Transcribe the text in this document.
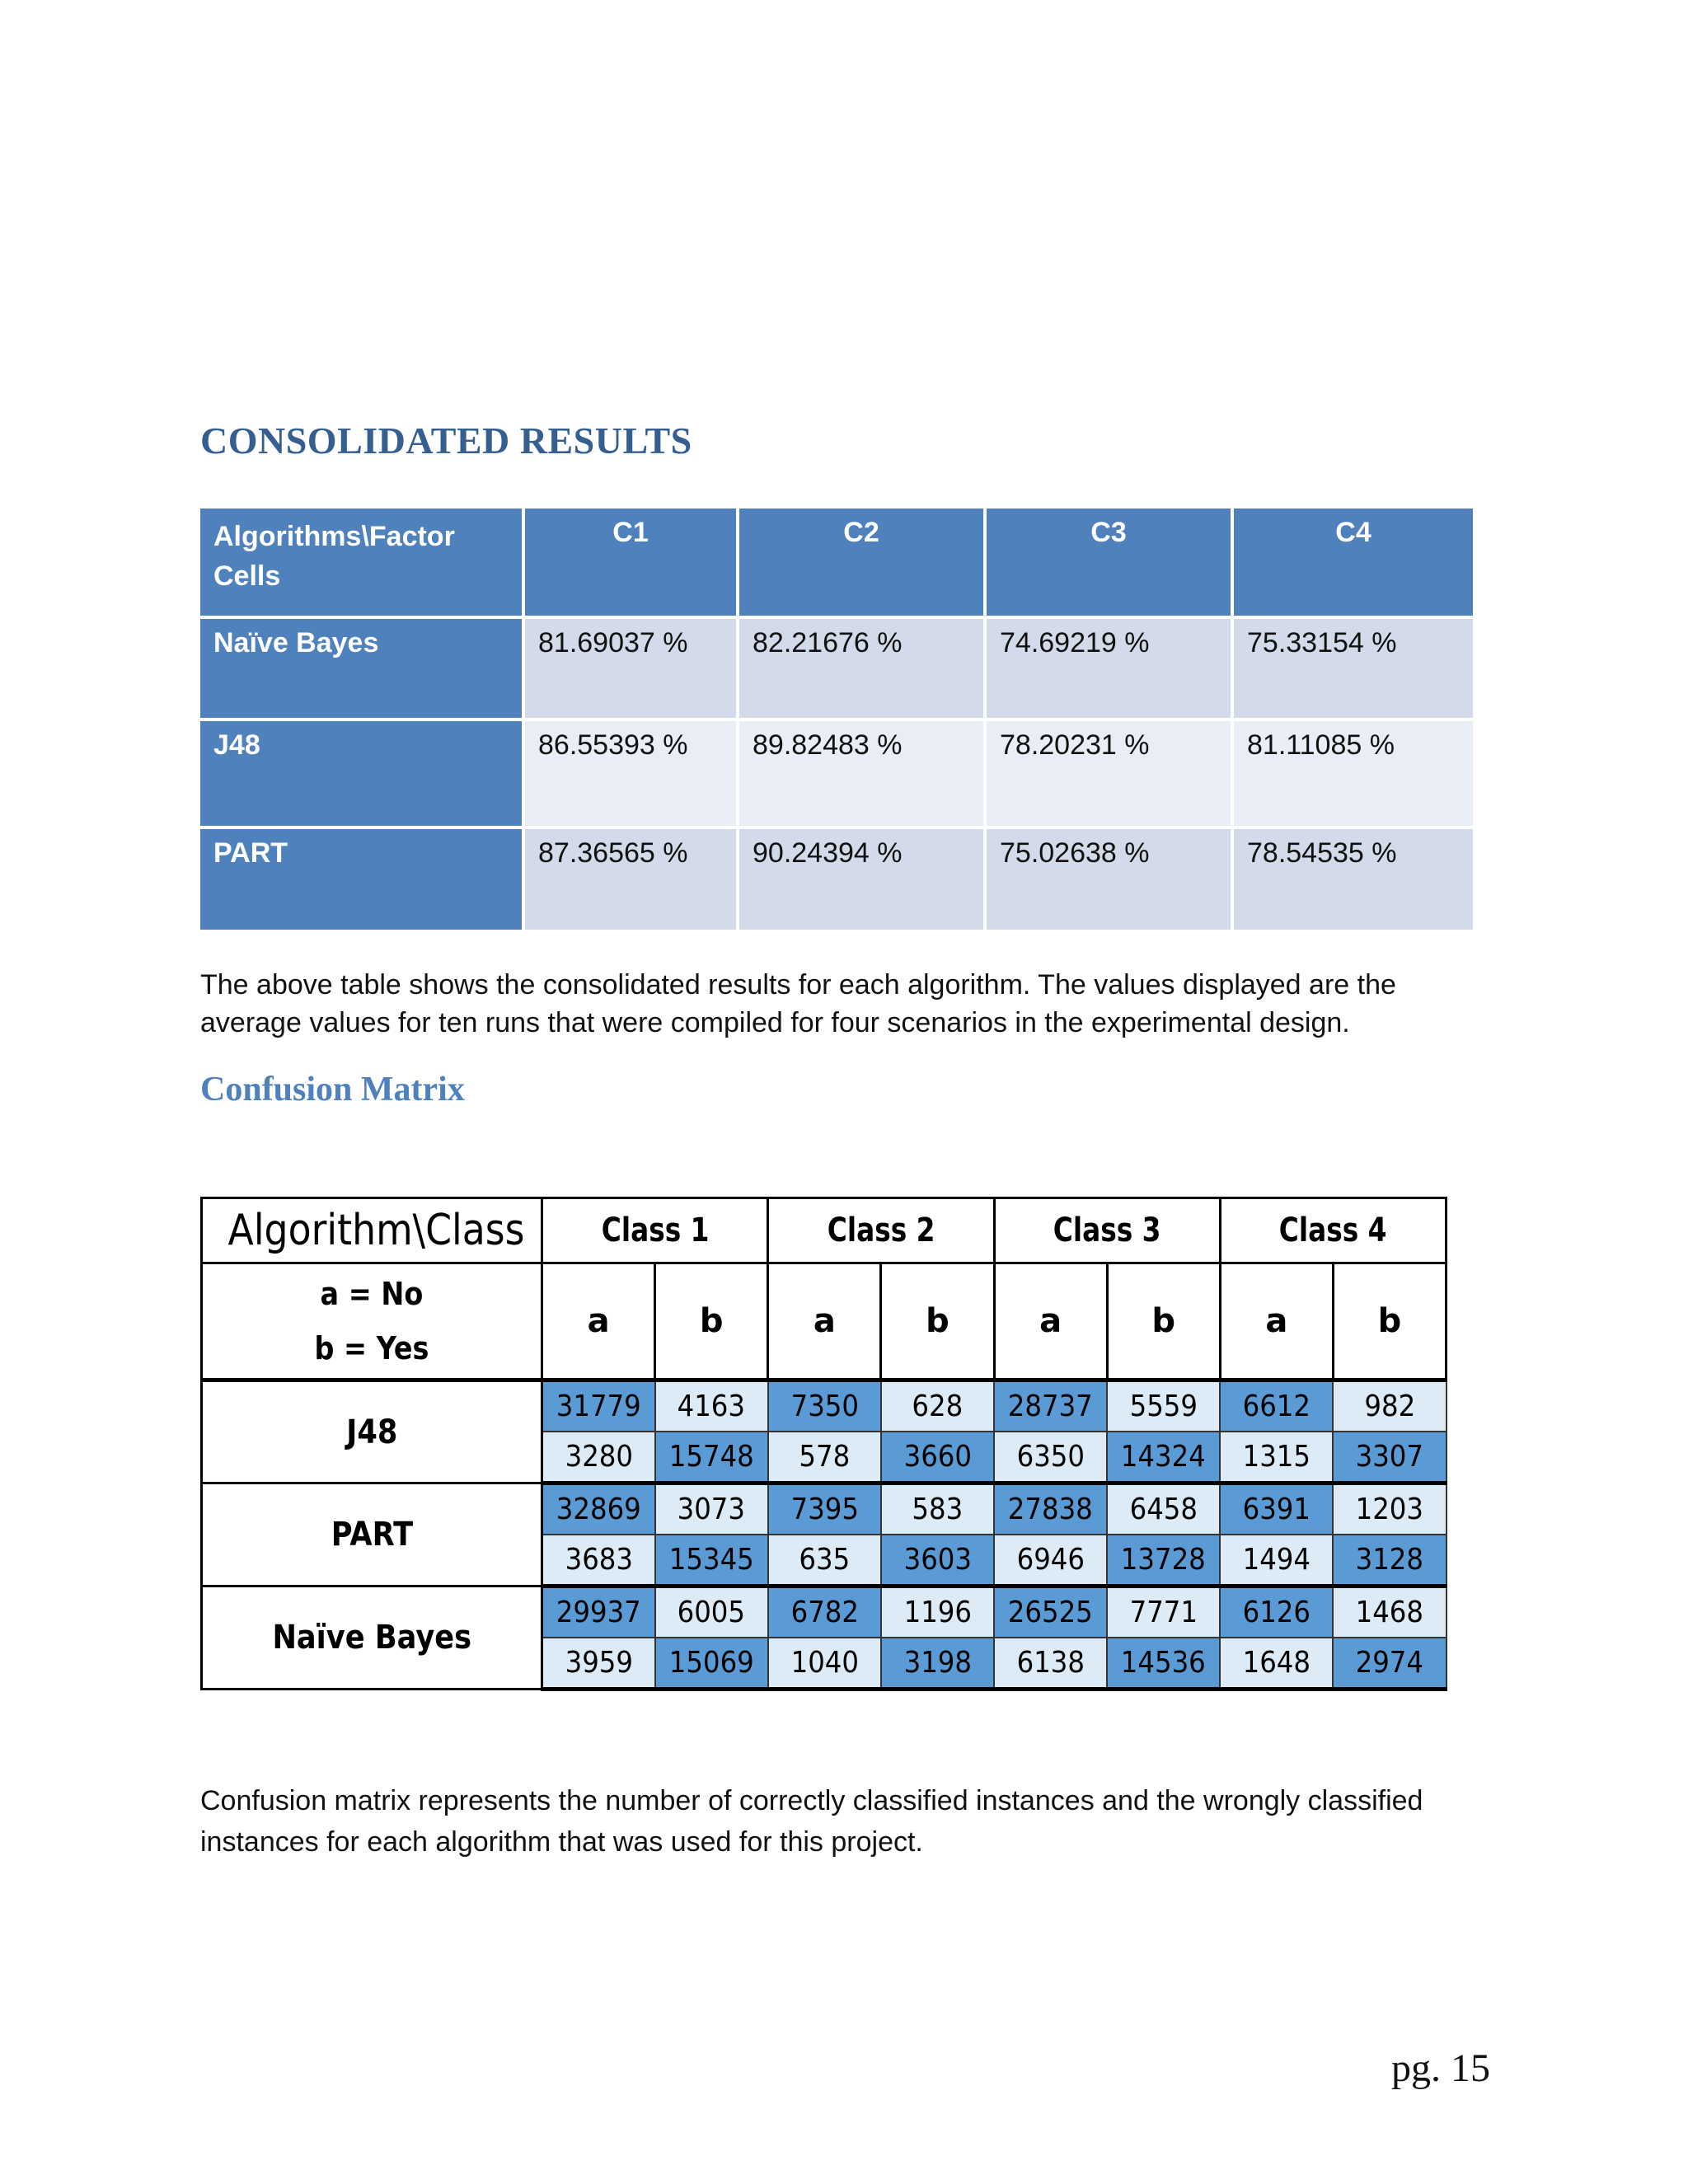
CONSOLIDATED RESULTS
Algorithms\Factor Cells	C1	C2	C3	C4
Naïve Bayes	81.69037 %	82.21676 %	74.69219 %	75.33154 %
J48	86.55393 %	89.82483 %	78.20231 %	81.11085 %
PART	87.36565 %	90.24394 %	75.02638 %	78.54535 %

The above table shows the consolidated results for each algorithm. The values displayed are the average values for ten runs that were compiled for four scenarios in the experimental design.

Confusion Matrix
Algorithm\Class	Class 1		Class 2		Class 3		Class 4	

a = No
b = Yes	a	b	a	b	a	b	a	b
J48	31779	4163	7350	628	28737	5559	6612	982
	3280	15748	578	3660	6350	14324	1315	3307
PART	32869	3073	7395	583	27838	6458	6391	1203
	3683	15345	635	3603	6946	13728	1494	3128
Naïve Bayes	29937	6005	6782	1196	26525	7771	6126	1468
	3959	15069	1040	3198	6138	14536	1648	2974

Confusion matrix represents the number of correctly classified instances and the wrongly classified instances for each algorithm that was used for this project.

pg. 15
